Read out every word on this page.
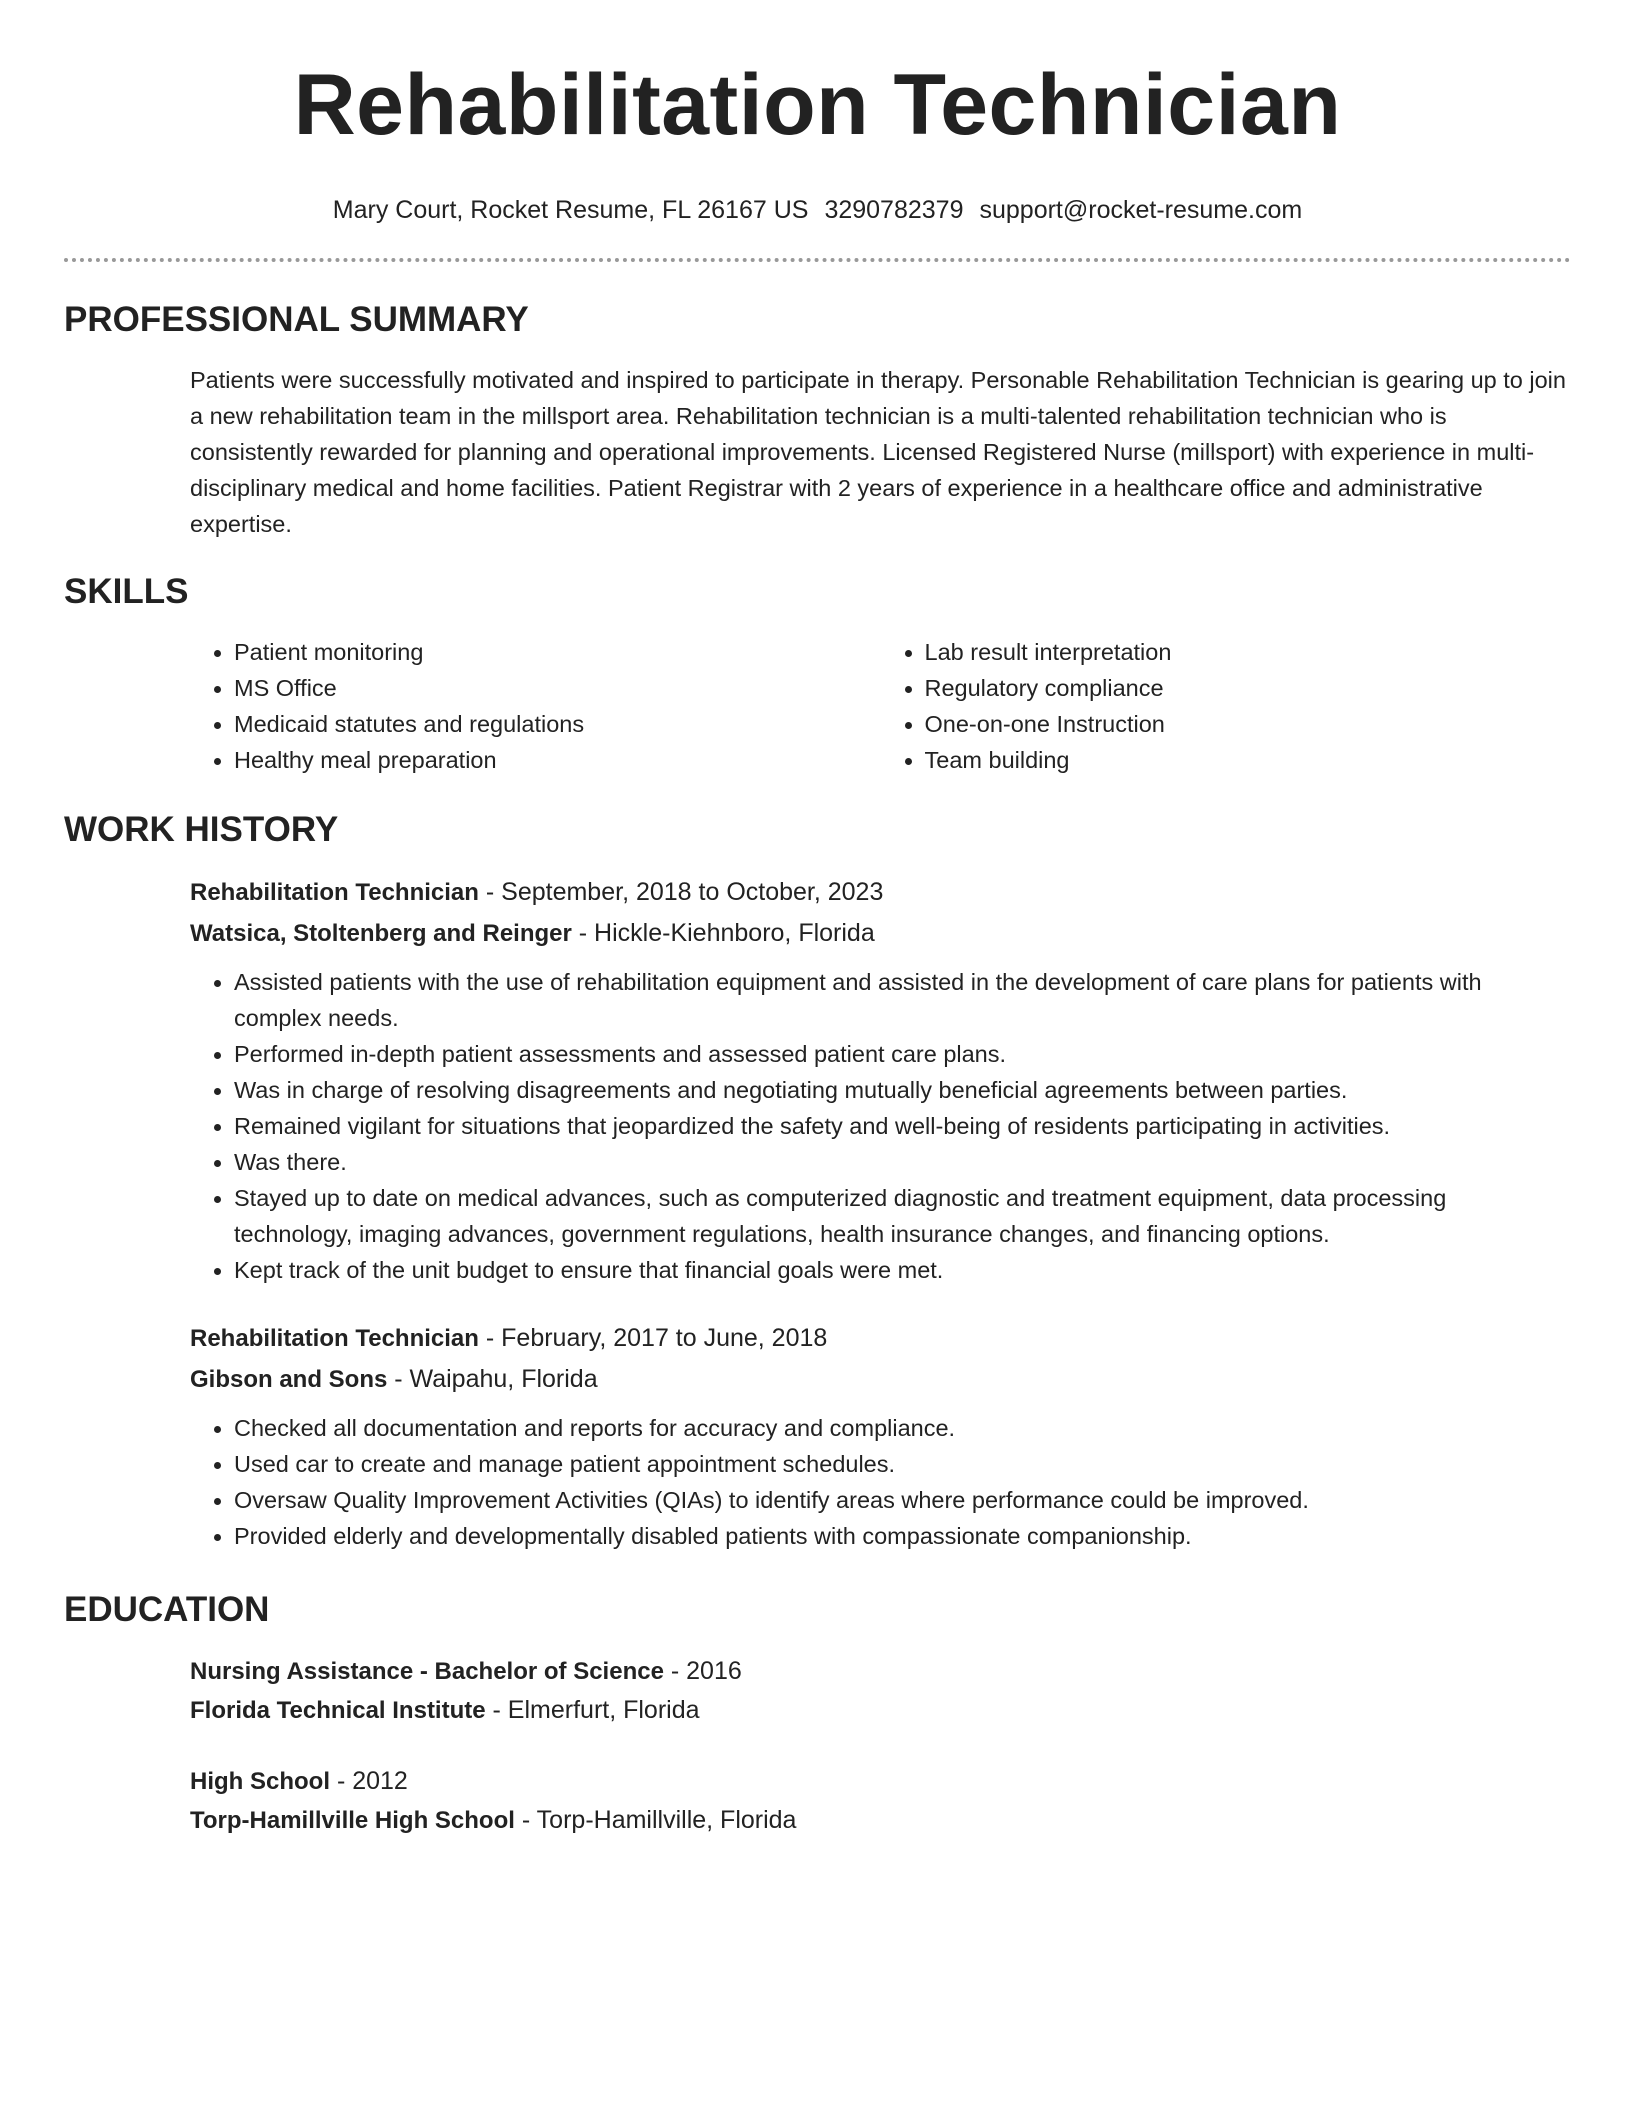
Rehabilitation Technician
Mary Court, Rocket Resume, FL 26167 US 3290782379 support@rocket-resume.com
PROFESSIONAL SUMMARY
Patients were successfully motivated and inspired to participate in therapy. Personable Rehabilitation Technician is gearing up to join a new rehabilitation team in the millsport area. Rehabilitation technician is a multi-talented rehabilitation technician who is consistently rewarded for planning and operational improvements. Licensed Registered Nurse (millsport) with experience in multi-disciplinary medical and home facilities. Patient Registrar with 2 years of experience in a healthcare office and administrative expertise.
SKILLS
• Patient monitoring
• MS Office
• Medicaid statutes and regulations
• Healthy meal preparation
• Lab result interpretation
• Regulatory compliance
• One-on-one Instruction
• Team building
WORK HISTORY
Rehabilitation Technician - September, 2018 to October, 2023
Watsica, Stoltenberg and Reinger - Hickle-Kiehnboro, Florida
• Assisted patients with the use of rehabilitation equipment and assisted in the development of care plans for patients with complex needs.
• Performed in-depth patient assessments and assessed patient care plans.
• Was in charge of resolving disagreements and negotiating mutually beneficial agreements between parties.
• Remained vigilant for situations that jeopardized the safety and well-being of residents participating in activities.
• Was there.
• Stayed up to date on medical advances, such as computerized diagnostic and treatment equipment, data processing technology, imaging advances, government regulations, health insurance changes, and financing options.
• Kept track of the unit budget to ensure that financial goals were met.
Rehabilitation Technician - February, 2017 to June, 2018
Gibson and Sons - Waipahu, Florida
• Checked all documentation and reports for accuracy and compliance.
• Used car to create and manage patient appointment schedules.
• Oversaw Quality Improvement Activities (QIAs) to identify areas where performance could be improved.
• Provided elderly and developmentally disabled patients with compassionate companionship.
EDUCATION
Nursing Assistance - Bachelor of Science - 2016
Florida Technical Institute - Elmerfurt, Florida
High School - 2012
Torp-Hamillville High School - Torp-Hamillville, Florida
